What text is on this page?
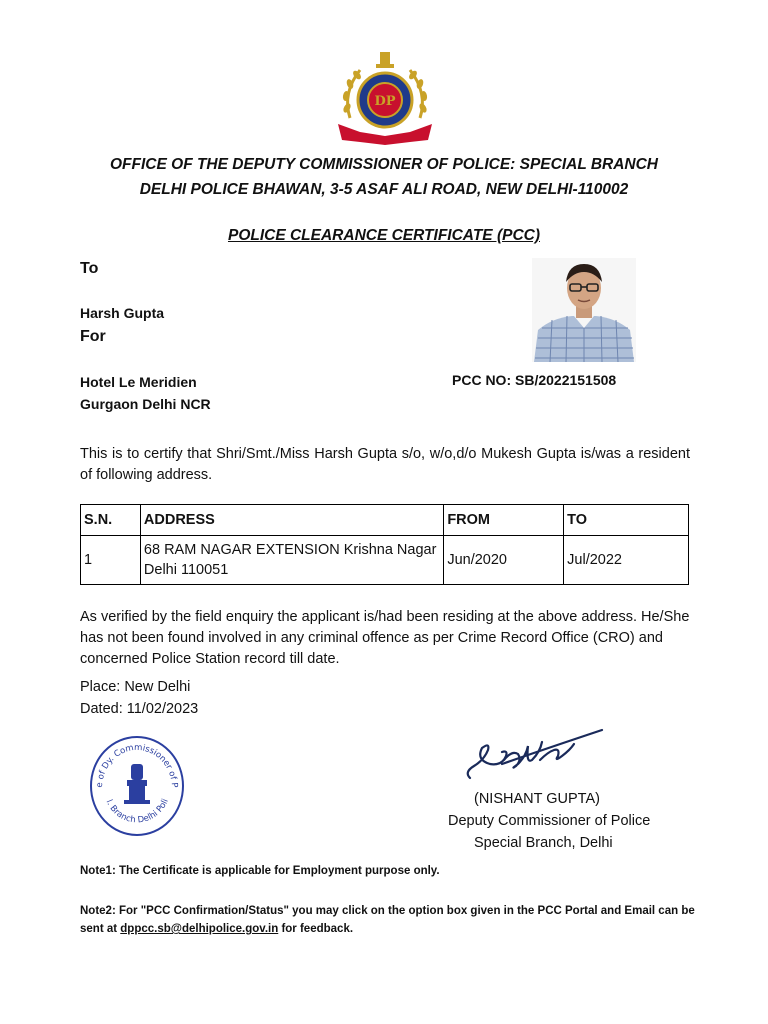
DP
OFFICE OF THE DEPUTY COMMISSIONER OF POLICE: SPECIAL BRANCH
DELHI POLICE BHAWAN, 3-5 ASAF ALI ROAD, NEW DELHI-110002
POLICE CLEARANCE CERTIFICATE (PCC)
To
Harsh Gupta
For
Hotel Le Meridien
Gurgaon Delhi NCR
PCC NO: SB/2022151508
This is to certify that Shri/Smt./Miss Harsh Gupta s/o, w/o,d/o Mukesh Gupta is/was a resident of following address.
S.N.	ADDRESS	FROM	TO
1	68 RAM NAGAR EXTENSION Krishna Nagar Delhi 110051	Jun/2020	Jul/2022
As verified by the field enquiry the applicant is/had been residing at the above address. He/She has not been found involved in any criminal offence as per Crime Record Office (CRO) and concerned Police Station record till date.
Place: New Delhi
Dated: 11/02/2023
e of Dy. Commissioner of P
l. Branch Delhi Poli	(NISHANT GUPTA)
Deputy Commissioner of Police
Special Branch, Delhi
Note1: The Certificate is applicable for Employment purpose only.
Note2: For "PCC Confirmation/Status" you may click on the option box given in the PCC Portal and Email can be sent at dppcc.sb@delhipolice.gov.in for feedback.
